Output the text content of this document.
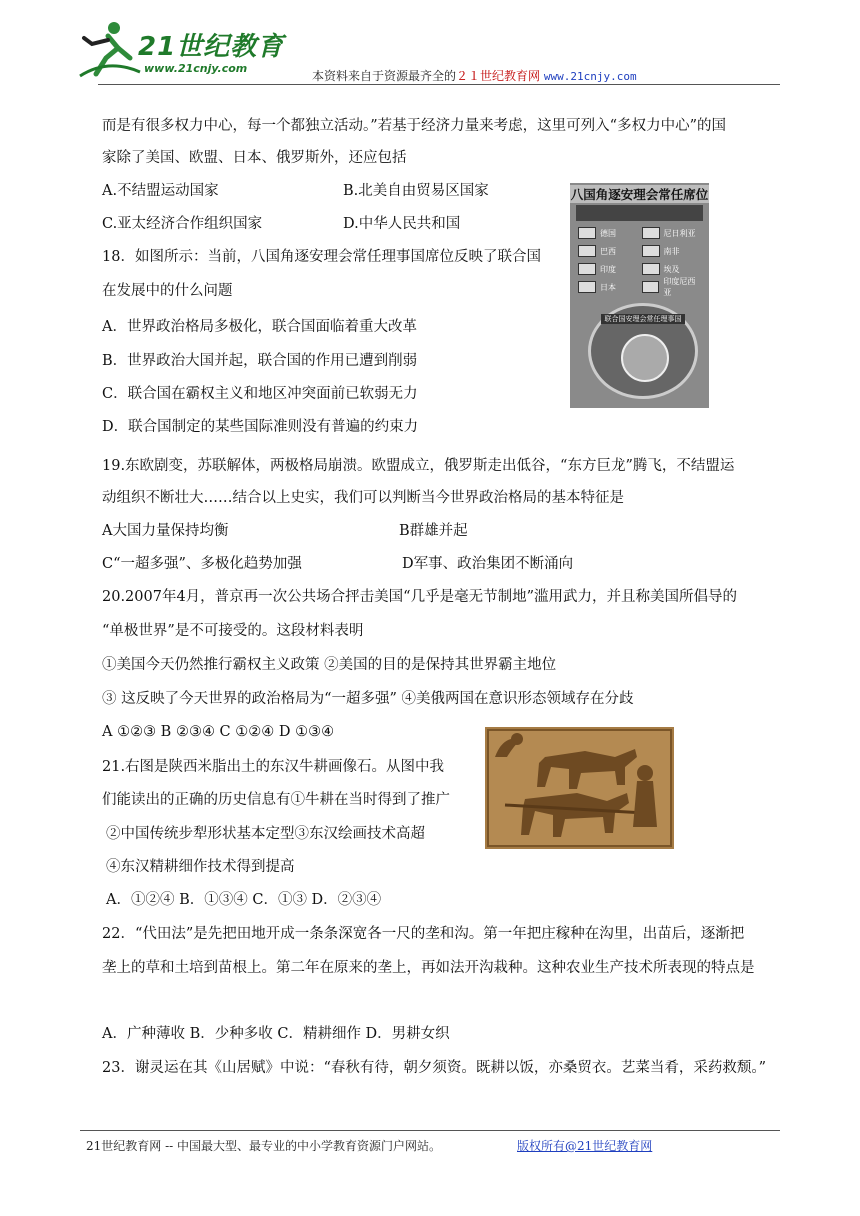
21世纪教育
www.21cnjy.com
本资料来自于资源最齐全的２１世纪教育网 www.21cnjy.com
而是有很多权力中心，每一个都独立活动。”若基于经济力量来考虑，这里可列入“多权力中心”的国
家除了美国、欧盟、日本、俄罗斯外，还应包括
A.不结盟运动国家	B.北美自由贸易区国家
C.亚太经济合作组织国家	D.中华人民共和国
18．如图所示：当前，八国角逐安理会常任理事国席位反映了联合国
在发展中的什么问题
A．世界政治格局多极化，联合国面临着重大改革
B．世界政治大国并起，联合国的作用已遭到削弱
C．联合国在霸权主义和地区冲突面前已软弱无力
D．联合国制定的某些国际准则没有普遍的约束力
八国角逐安理会常任席位
德国	尼日利亚
巴西	南非
印度	埃及
日本
印度尼西亚
联合国安理会常任理事国
19.东欧剧变，苏联解体，两极格局崩溃。欧盟成立，俄罗斯走出低谷，“东方巨龙”腾飞，不结盟运
动组织不断壮大……结合以上史实，我们可以判断当今世界政治格局的基本特征是
A大国力量保持均衡	B群雄并起
C“一超多强”、多极化趋势加强	D军事、政治集团不断涌向
20.2007年4月，普京再一次公共场合抨击美国“几乎是毫无节制地”滥用武力，并且称美国所倡导的
“单极世界”是不可接受的。这段材料表明
①美国今天仍然推行霸权主义政策 ②美国的目的是保持其世界霸主地位
③ 这反映了今天世界的政治格局为“一超多强” ④美俄两国在意识形态领域存在分歧
A ①②③ B ②③④ C ①②④ D ①③④
21.右图是陕西米脂出土的东汉牛耕画像石。从图中我
们能读出的正确的历史信息有①牛耕在当时得到了推广
②中国传统步犁形状基本定型③东汉绘画技术高超
④东汉精耕细作技术得到提高
A．①②④ B．①③④ C．①③ D．②③④
22．“代田法”是先把田地开成一条条深宽各一尺的垄和沟。第一年把庄稼种在沟里，出苗后，逐渐把
垄上的草和土培到苗根上。第二年在原来的垄上，再如法开沟栽种。这种农业生产技术所表现的特点是
A．广种薄收 B．少种多收 C．精耕细作 D．男耕女织
23．谢灵运在其《山居赋》中说：“春秋有待，朝夕须资。既耕以饭，亦桑贸衣。艺菜当肴，采药救颓。”
21世纪教育网 -- 中国最大型、最专业的中小学教育资源门户网站。	版权所有@21世纪教育网
